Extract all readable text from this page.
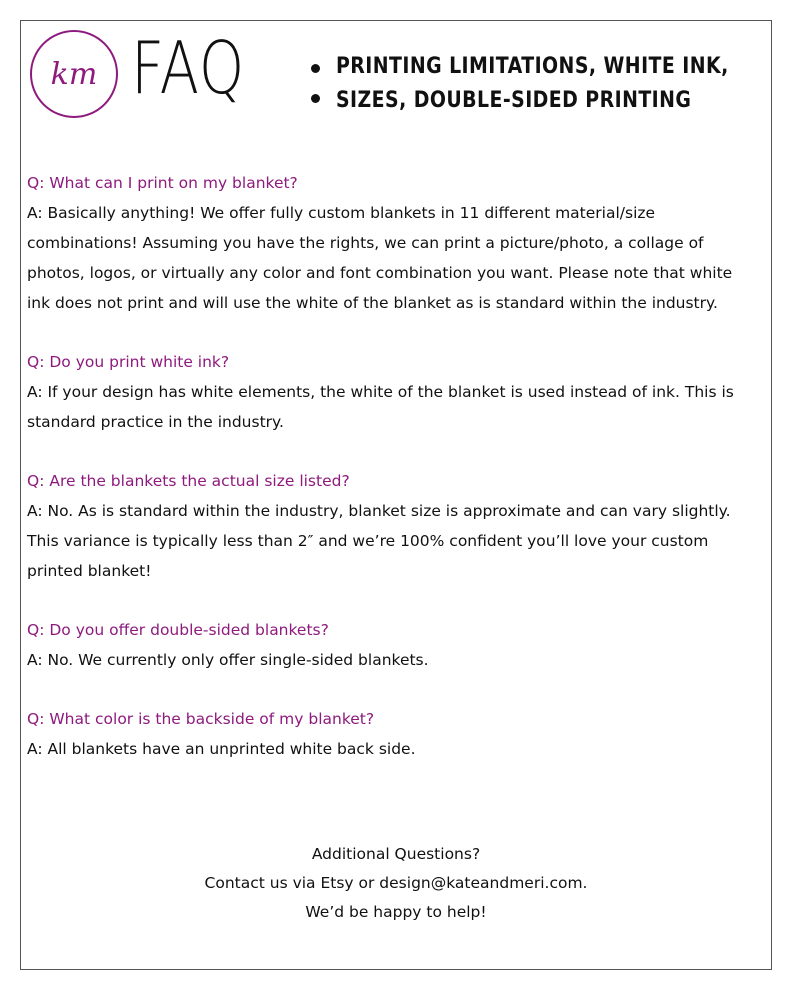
km FAQ	PRINTING LIMITATIONS, WHITE INK,
SIZES, DOUBLE-SIDED PRINTING
Q: What can I print on my blanket?
A: Basically anything! We offer fully custom blankets in 11 different material/size combinations! Assuming you have the rights, we can print a picture/photo, a collage of photos, logos, or virtually any color and font combination you want. Please note that white ink does not print and will use the white of the blanket as is standard within the industry.
Q: Do you print white ink?
A: If your design has white elements, the white of the blanket is used instead of ink. This is standard practice in the industry.
Q: Are the blankets the actual size listed?
A: No. As is standard within the industry, blanket size is approximate and can vary slightly. This variance is typically less than 2″ and we’re 100% confident you’ll love your custom printed blanket!
Q: Do you offer double-sided blankets?
A: No. We currently only offer single-sided blankets.
Q: What color is the backside of my blanket?
A: All blankets have an unprinted white back side.
Additional Questions?
Contact us via Etsy or design@kateandmeri.com.
We’d be happy to help!
